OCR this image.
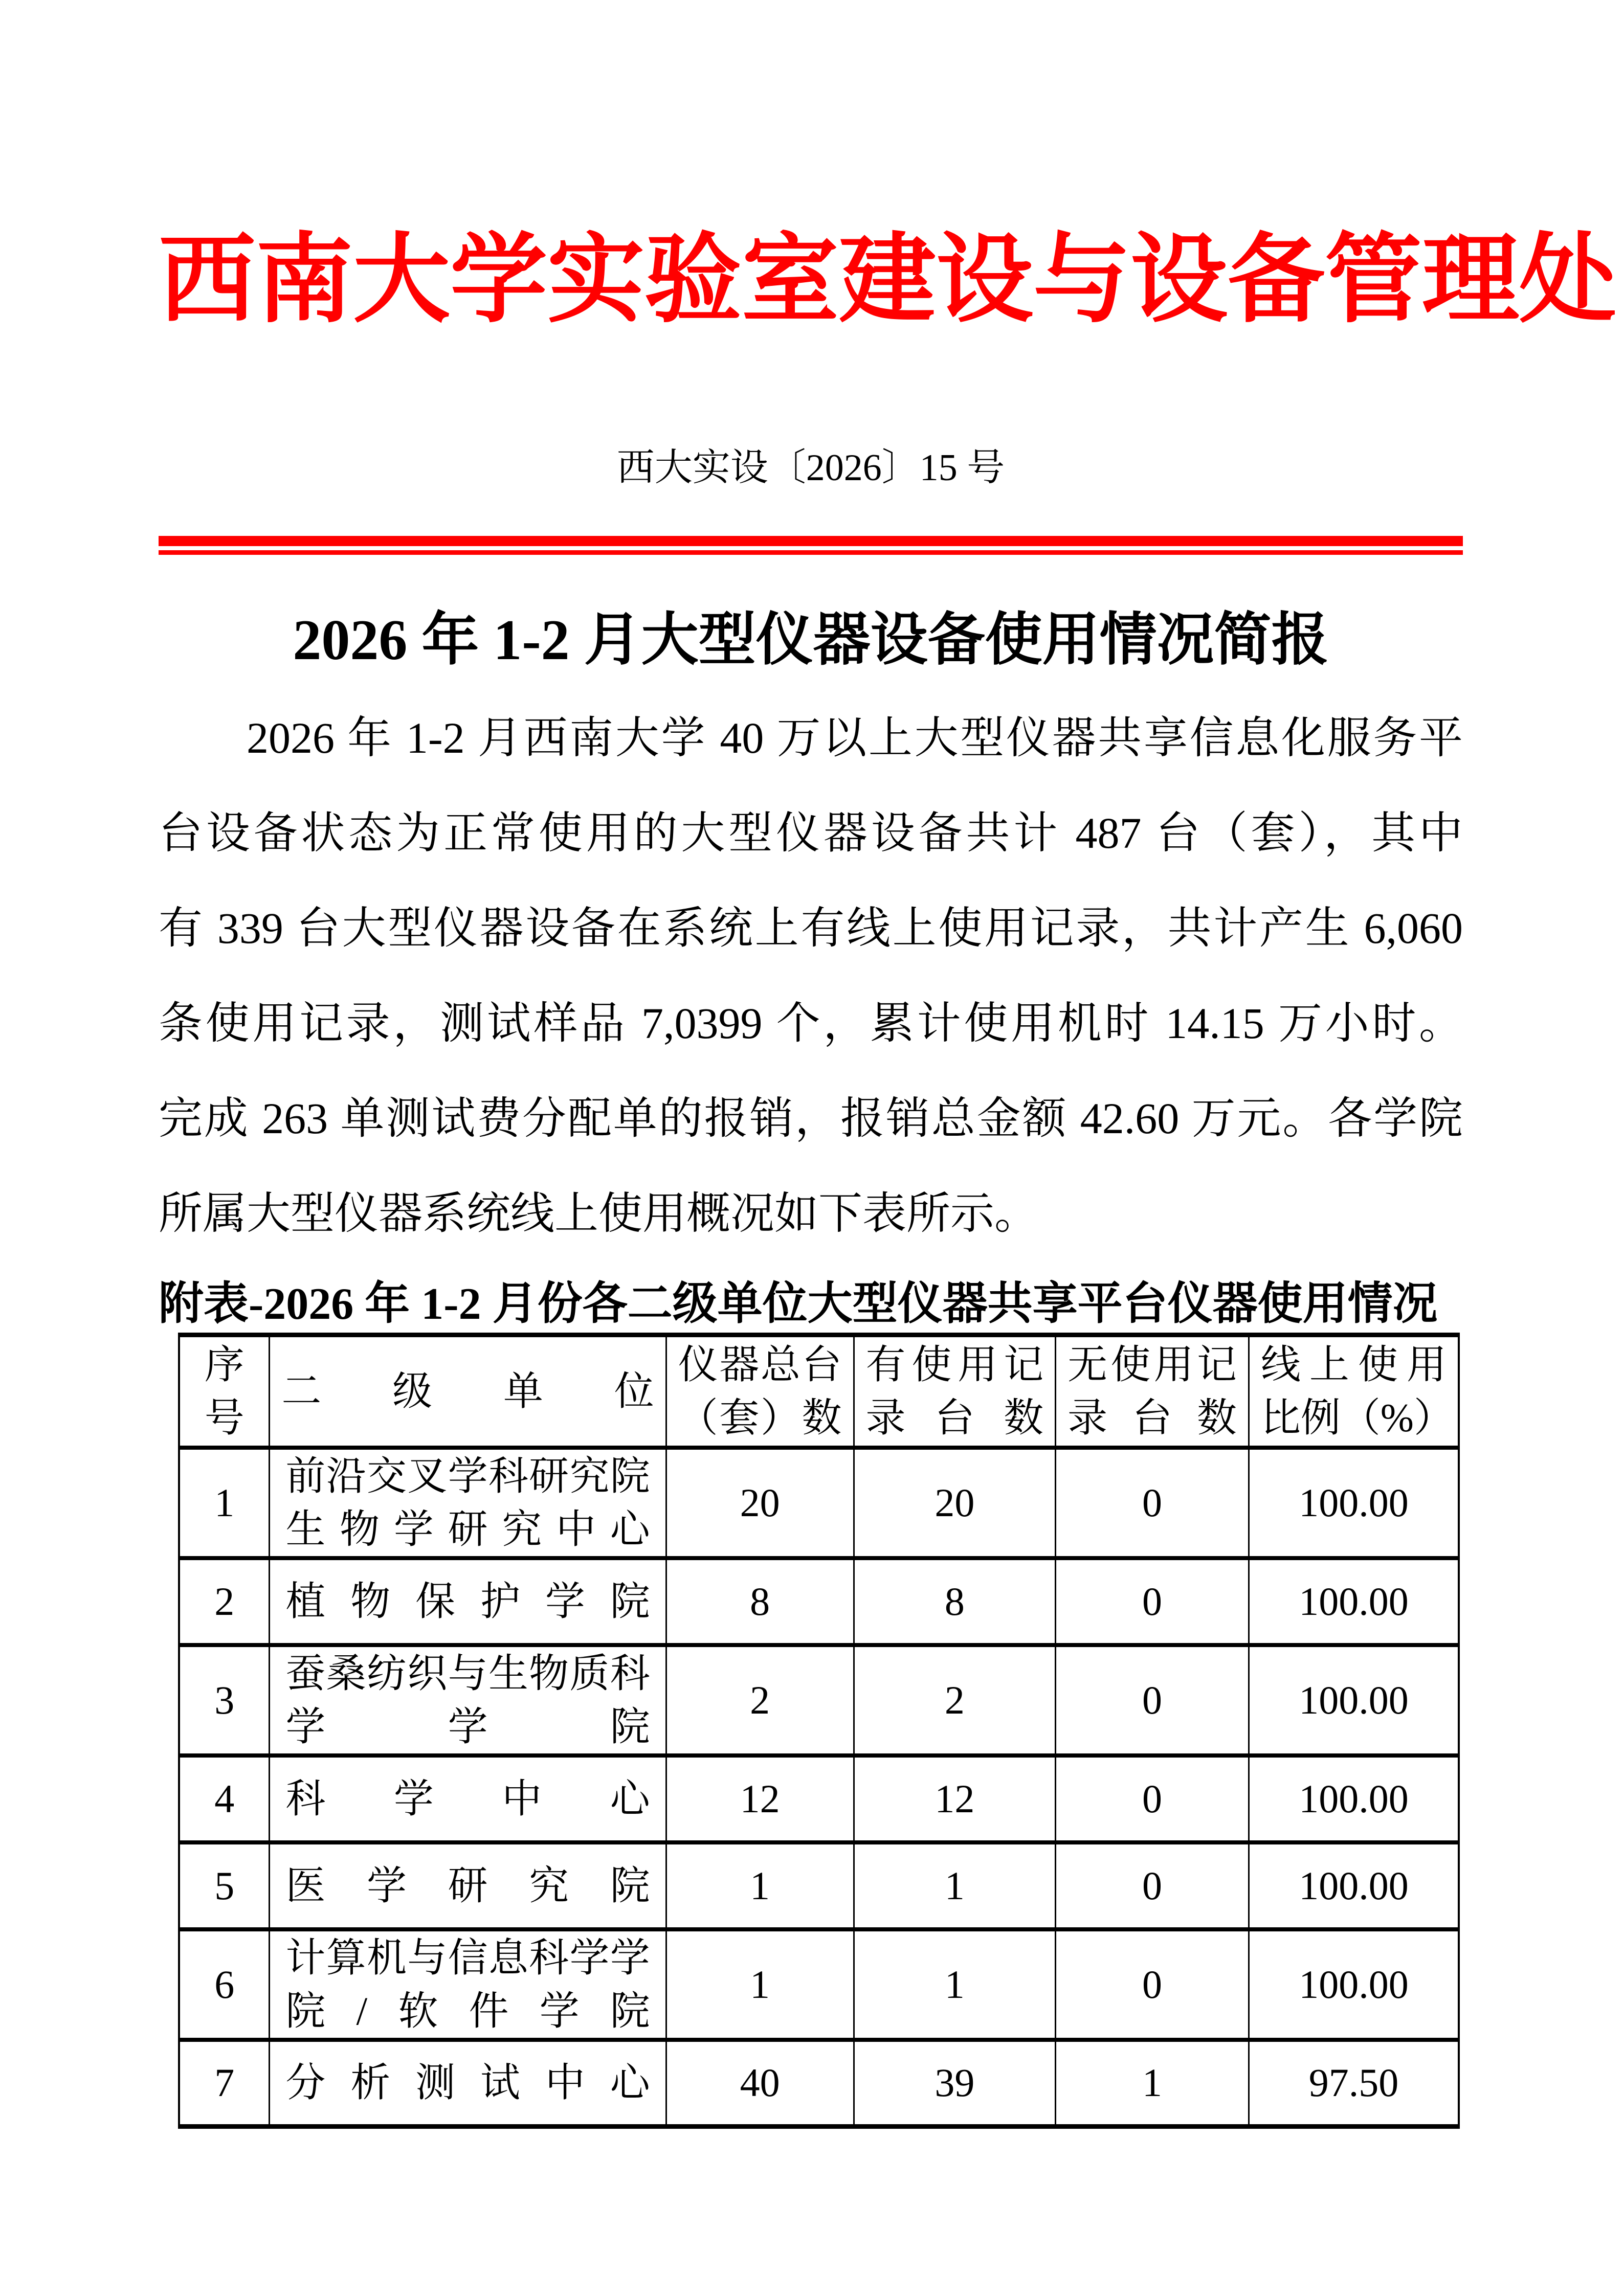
西南大学实验室建设与设备管理处
西大实设〔2026〕15 号
2026 年 1-2 月大型仪器设备使用情况简报
2026 年 1-2 月西南大学 40 万以上大型仪器共享信息化服务平
台设备状态为正常使用的大型仪器设备共计 487 台（套），其中
有 339 台大型仪器设备在系统上有线上使用记录，共计产生 6,060
条使用记录，测试样品 7,0399 个，累计使用机时 14.15 万小时。
完成 263 单测试费分配单的报销，报销总金额 42.60 万元。各学院
所属大型仪器系统线上使用概况如下表所示。
附表-2026 年 1-2 月份各二级单位大型仪器共享平台仪器使用情况
序号	二级单位	仪器总台（套）数	有使用记录台数	无使用记录台数	线上使用比例（%）
1	前沿交叉学科研究院生物学研究中心	20	20	0	100.00
2	植物保护学院	8	8	0	100.00
3	蚕桑纺织与生物质科学学院	2	2	0	100.00
4	科学中心	12	12	0	100.00
5	医学研究院	1	1	0	100.00
6	计算机与信息科学学院/软件学院	1	1	0	100.00
7	分析测试中心	40	39	1	97.50
